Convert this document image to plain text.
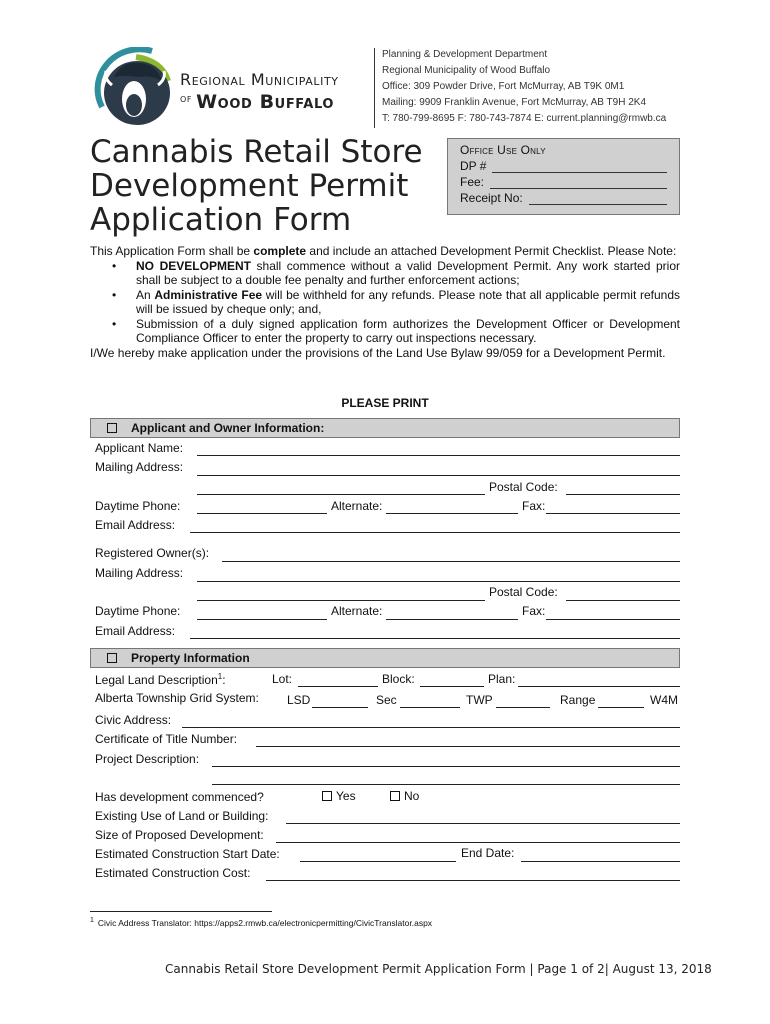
Regional Municipality
$^{of}$ Wood Buffalo
Planning & Development Department
Regional Municipality of Wood Buffalo
Office: 309 Powder Drive, Fort McMurray, AB T9K 0M1
Mailing: 9909 Franklin Avenue, Fort McMurray, AB T9H 2K4
T: 780-799-8695 F: 780-743-7874 E: current.planning@rmwb.ca
Cannabis Retail Store
Development Permit
Application Form
Office Use Only
DP #
Fee:
Receipt No:
This Application Form shall be complete and include an attached Development Permit Checklist. Please Note:
• NO DEVELOPMENT shall commence without a valid Development Permit. Any work started prior shall be subject to a double fee penalty and further enforcement actions;
• An Administrative Fee will be withheld for any refunds. Please note that all applicable permit refunds will be issued by cheque only; and,
• Submission of a duly signed application form authorizes the Development Officer or Development Compliance Officer to enter the property to carry out inspections necessary.
I/We hereby make application under the provisions of the Land Use Bylaw 99/059 for a Development Permit.
PLEASE PRINT
Applicant and Owner Information:
Applicant Name:
Mailing Address:
Postal Code:
Daytime Phone:	Alternate:	Fax:
Email Address:
Registered Owner(s):
Mailing Address:
Postal Code:
Daytime Phone:	Alternate:	Fax:
Email Address:
Property Information
Legal Land Description$^1$:	Lot:	Block:	Plan:
Alberta Township Grid System: LSD	Sec	TWP	Range	W4M
Civic Address:
Certificate of Title Number:
Project Description:
Has development commenced?	Yes	No
Existing Use of Land or Building:
Size of Proposed Development:
Estimated Construction Start Date:	End Date:
Estimated Construction Cost:
$^1$ Civic Address Translator: https://apps2.rmwb.ca/electronicpermitting/CivicTranslator.aspx
Cannabis Retail Store Development Permit Application Form | Page 1 of 2| August 13, 2018
